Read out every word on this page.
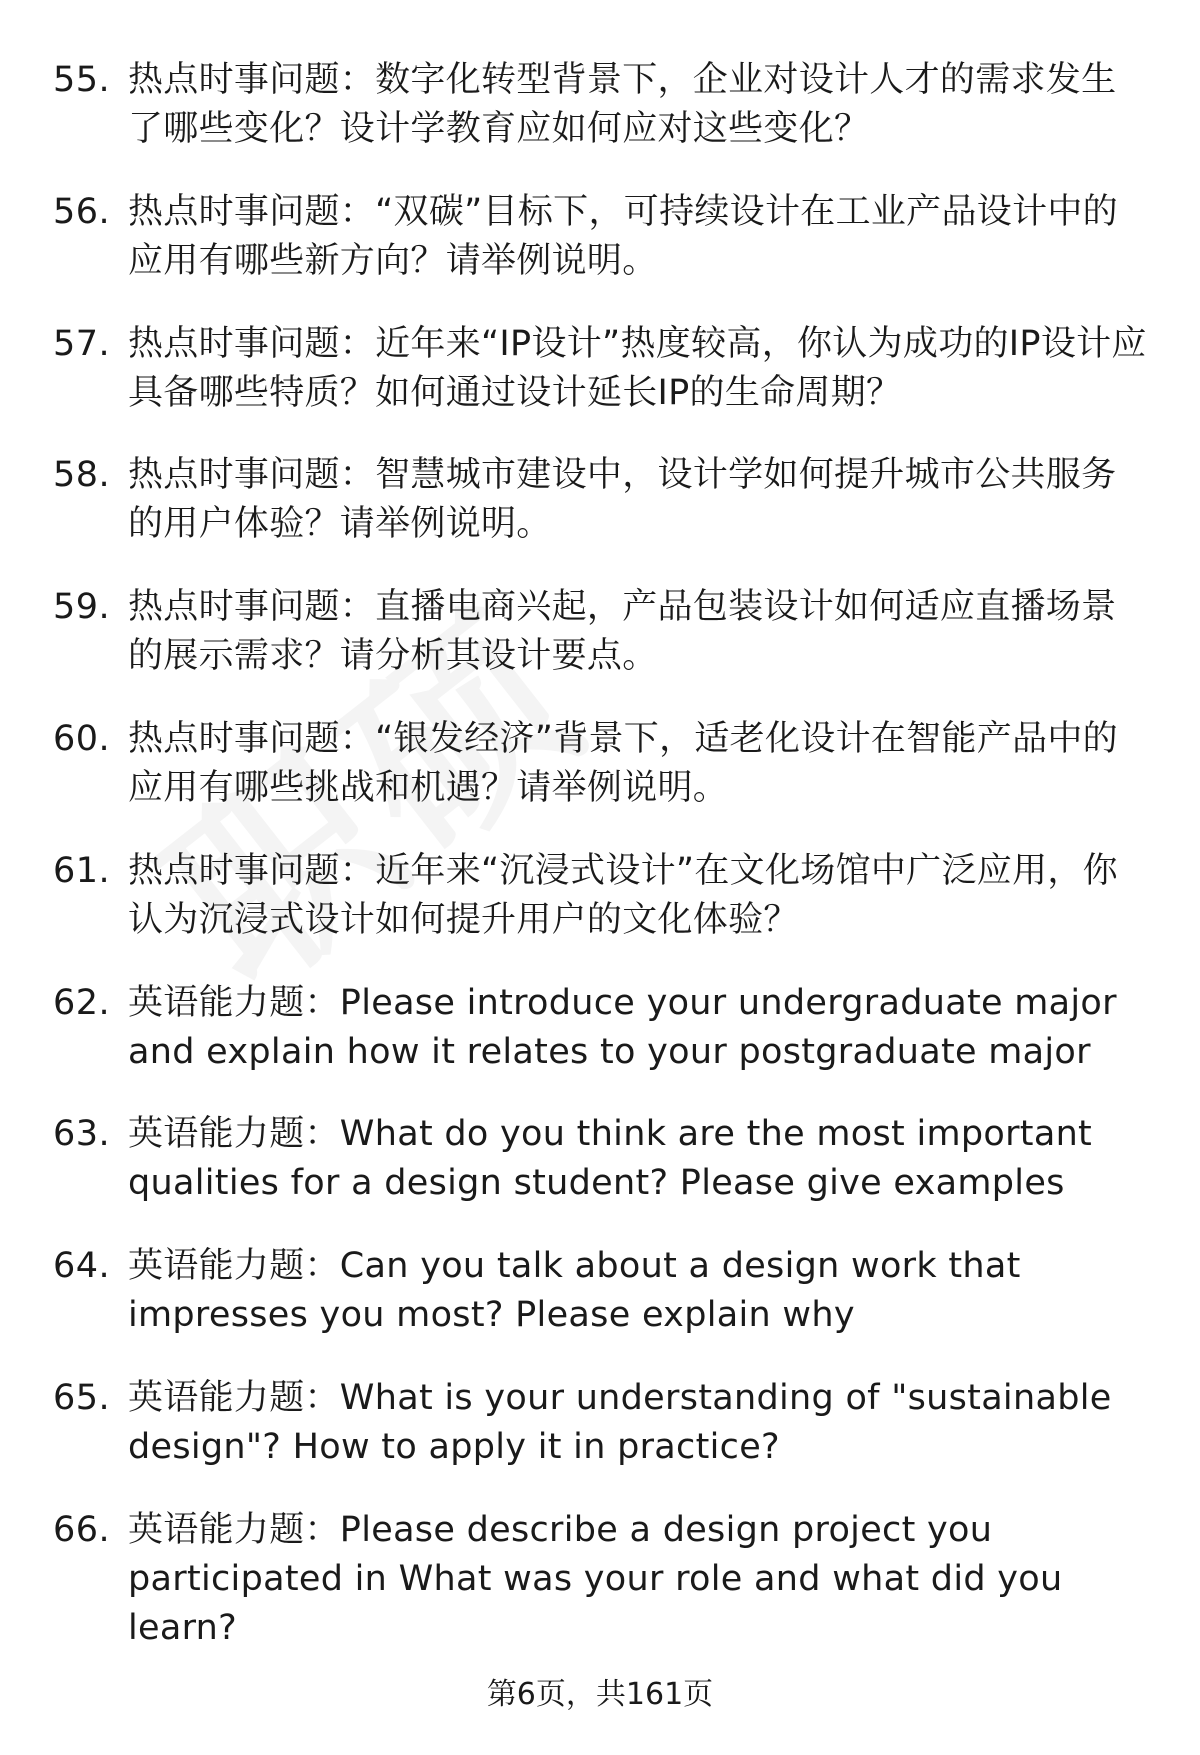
55. 热点时事问题：数字化转型背景下，企业对设计人才的需求发生了哪些变化？设计学教育应如何应对这些变化？
56. 热点时事问题：“双碳”目标下，可持续设计在工业产品设计中的应用有哪些新方向？请举例说明。
57. 热点时事问题：近年来“IP设计”热度较高，你认为成功的IP设计应具备哪些特质？如何通过设计延长IP的生命周期？
58. 热点时事问题：智慧城市建设中，设计学如何提升城市公共服务的用户体验？请举例说明。
59. 热点时事问题：直播电商兴起，产品包装设计如何适应直播场景的展示需求？请分析其设计要点。
60. 热点时事问题：“银发经济”背景下，适老化设计在智能产品中的应用有哪些挑战和机遇？请举例说明。
61. 热点时事问题：近年来“沉浸式设计”在文化场馆中广泛应用，你认为沉浸式设计如何提升用户的文化体验？
62. 英语能力题：Please introduce your undergraduate major and explain how it relates to your postgraduate major
63. 英语能力题：What do you think are the most important qualities for a design student? Please give examples
64. 英语能力题：Can you talk about a design work that impresses you most? Please explain why
65. 英语能力题：What is your understanding of "sustainable design"? How to apply it in practice?
66. 英语能力题：Please describe a design project you participated in What was your role and what did you learn?
第6页，共161页
